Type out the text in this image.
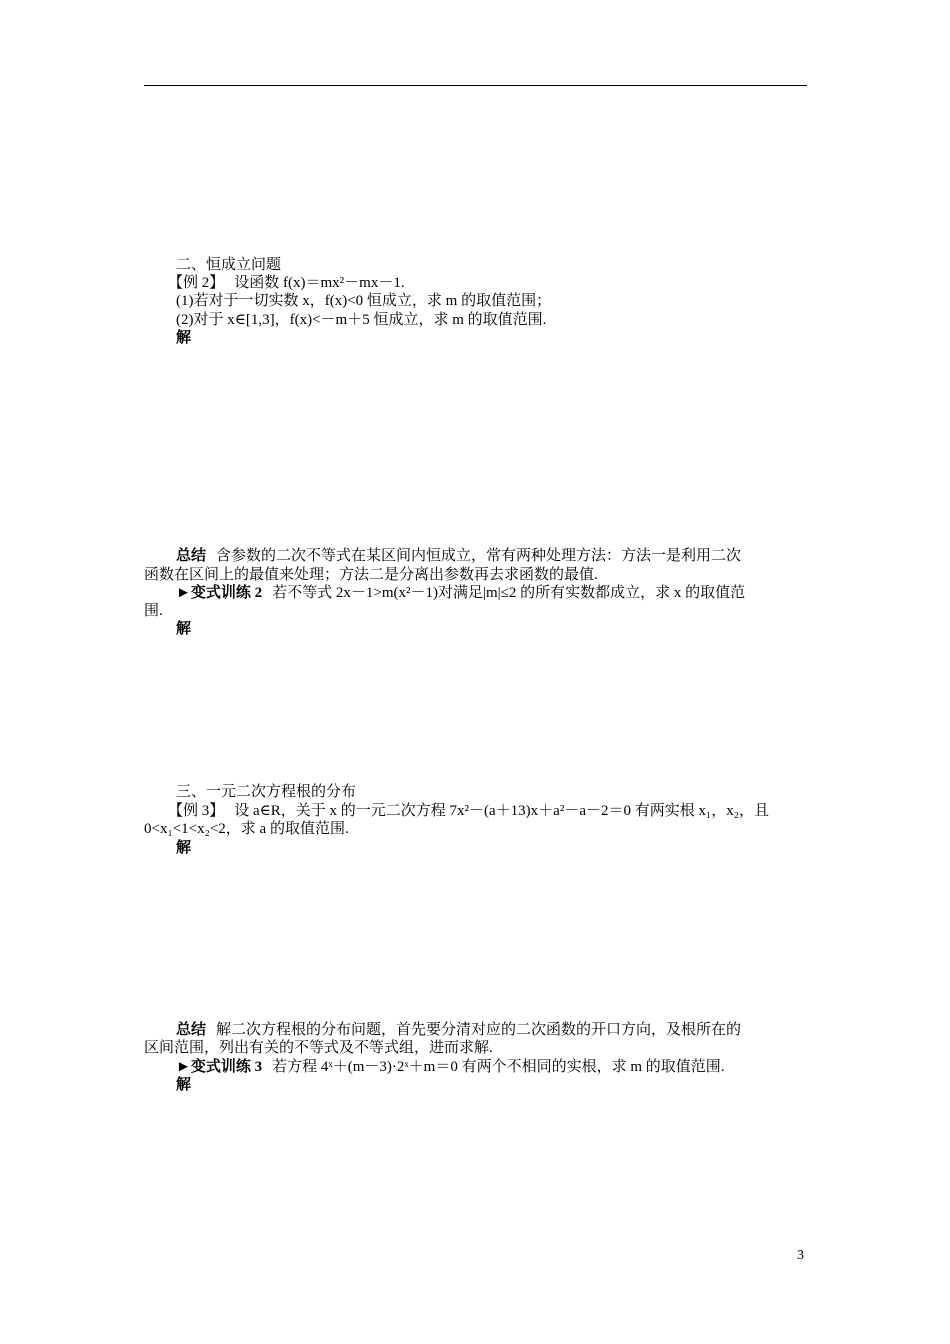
二、恒成立问题
【例 2】 设函数 f(x)＝mx²－mx－1.
(1)若对于一切实数 x，f(x)<0 恒成立，求 m 的取值范围；
(2)对于 x∈[1,3]，f(x)<－m＋5 恒成立，求 m 的取值范围.
解
总结 含参数的二次不等式在某区间内恒成立，常有两种处理方法：方法一是利用二次
函数在区间上的最值来处理；方法二是分离出参数再去求函数的最值.
►变式训练 2 若不等式 2x－1>m(x²－1)对满足|m|≤2 的所有实数都成立，求 x 的取值范
围.
解
三、一元二次方程根的分布
【例 3】 设 a∈R，关于 x 的一元二次方程 7x²－(a＋13)x＋a²－a－2＝0 有两实根 x₁，x₂，且
0<x₁<1<x₂<2，求 a 的取值范围.
解
总结 解二次方程根的分布问题，首先要分清对应的二次函数的开口方向，及根所在的
区间范围，列出有关的不等式及不等式组，进而求解.
►变式训练 3 若方程 4ˣ＋(m－3)·2ˣ＋m＝0 有两个不相同的实根，求 m 的取值范围.
解
3
